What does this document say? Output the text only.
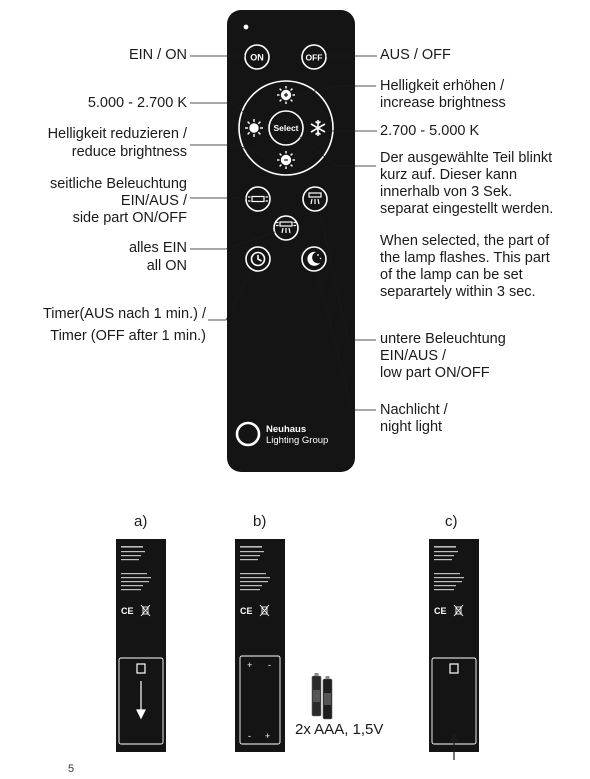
ON	OFF
Select
Neuhaus
Lighting Group
CE	CE	CE
+ -
- +
EIN / ON	AUS / OFF
Helligkeit erhöhen /
increase brightness
5.000 - 2.700 K
Helligkeit reduzieren /
reduce brightness
2.700 - 5.000 K
Der ausgewählte Teil blinkt
kurz auf. Dieser kann
innerhalb von 3 Sek.
separat eingestellt werden.
When selected, the part of
the lamp flashes. This part
of the lamp can be set
separartely within 3 sec.
seitliche Beleuchtung
EIN/AUS /
side part ON/OFF
alles EIN
all ON
Timer(AUS nach 1 min.) /
Timer (OFF after 1 min.)	untere Beleuchtung
EIN/AUS /
low part ON/OFF
Nachlicht /
night light
a)	b)	c)
2x AAA, 1,5V
5
